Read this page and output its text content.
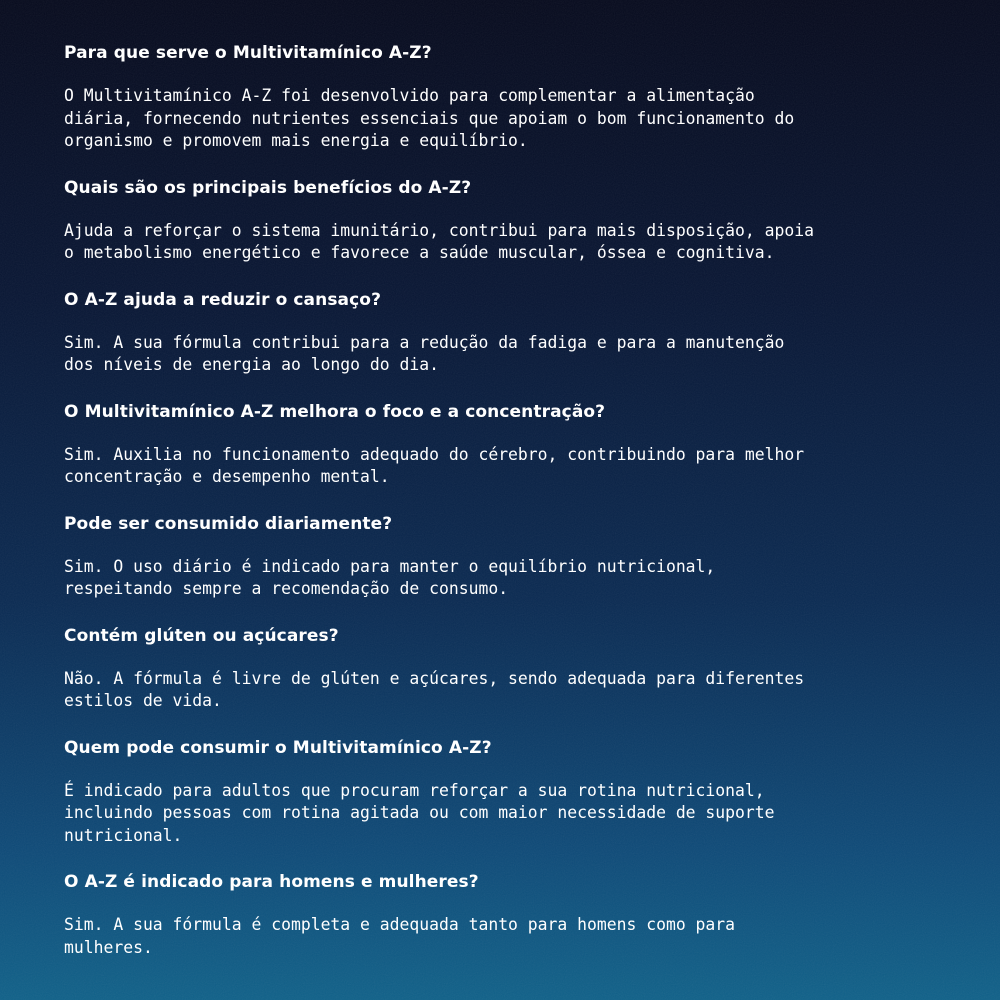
Para que serve o Multivitamínico A-Z?

O Multivitamínico A-Z foi desenvolvido para complementar a alimentação
diária, fornecendo nutrientes essenciais que apoiam o bom funcionamento do
organismo e promovem mais energia e equilíbrio.

Quais são os principais benefícios do A-Z?

Ajuda a reforçar o sistema imunitário, contribui para mais disposição, apoia
o metabolismo energético e favorece a saúde muscular, óssea e cognitiva.

O A-Z ajuda a reduzir o cansaço?

Sim. A sua fórmula contribui para a redução da fadiga e para a manutenção
dos níveis de energia ao longo do dia.

O Multivitamínico A-Z melhora o foco e a concentração?

Sim. Auxilia no funcionamento adequado do cérebro, contribuindo para melhor
concentração e desempenho mental.

Pode ser consumido diariamente?

Sim. O uso diário é indicado para manter o equilíbrio nutricional,
respeitando sempre a recomendação de consumo.

Contém glúten ou açúcares?

Não. A fórmula é livre de glúten e açúcares, sendo adequada para diferentes
estilos de vida.

Quem pode consumir o Multivitamínico A-Z?

É indicado para adultos que procuram reforçar a sua rotina nutricional,
incluindo pessoas com rotina agitada ou com maior necessidade de suporte
nutricional.

O A-Z é indicado para homens e mulheres?

Sim. A sua fórmula é completa e adequada tanto para homens como para
mulheres.
